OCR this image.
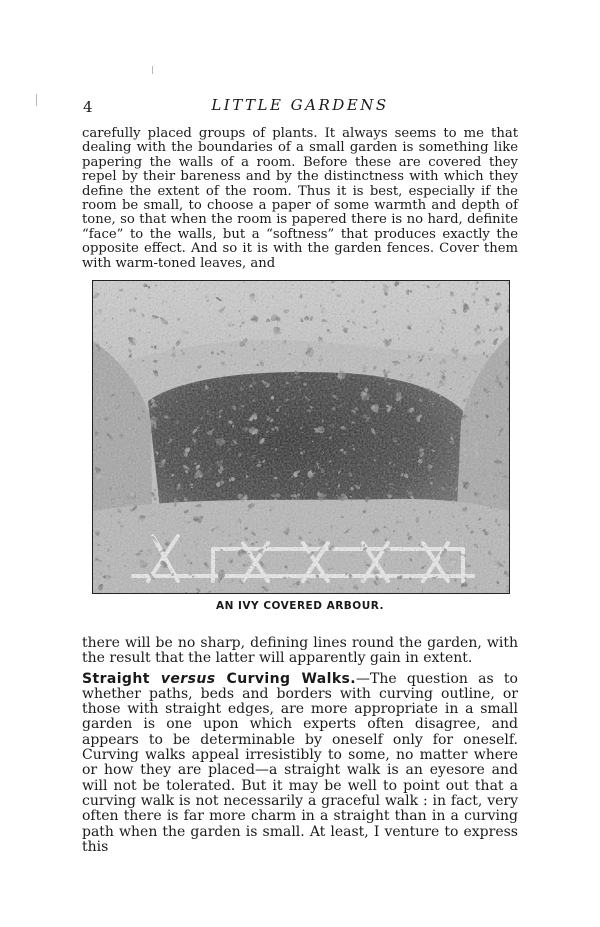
4	LITTLE GARDENS

carefully placed groups of plants. It always seems to me that dealing with the boundaries of a small garden is something like papering the walls of a room. Before these are covered they repel by their bareness and by the distinctness with which they define the extent of the room. Thus it is best, especially if the room be small, to choose a paper of some warmth and depth of tone, so that when the room is papered there is no hard, definite “face” to the walls, but a “softness” that produces exactly the opposite effect. And so it is with the garden fences. Cover them with warm-toned leaves, and

AN IVY COVERED ARBOUR.

there will be no sharp, defining lines round the garden, with the result that the latter will apparently gain in extent.

Straight versus Curving Walks.—The question as to whether paths, beds and borders with curving outline, or those with straight edges, are more appropriate in a small garden is one upon which experts often disagree, and appears to be determinable by oneself only for oneself. Curving walks appeal irresistibly to some, no matter where or how they are placed—a straight walk is an eyesore and will not be tolerated. But it may be well to point out that a curving walk is not necessarily a graceful walk : in fact, very often there is far more charm in a straight than in a curving path when the garden is small. At least, I venture to express this
